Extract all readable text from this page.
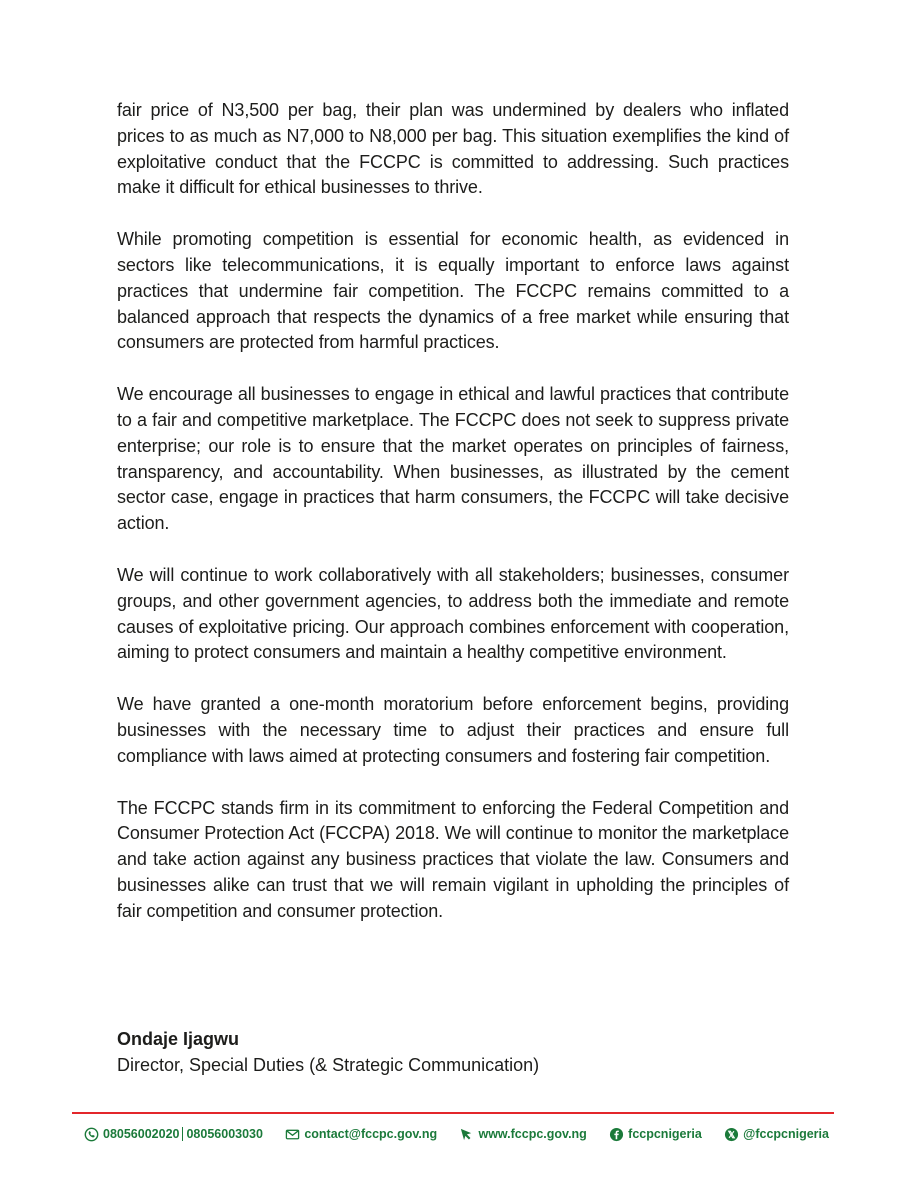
fair price of N3,500 per bag, their plan was undermined by dealers who inflated prices to as much as N7,000 to N8,000 per bag. This situation exemplifies the kind of exploitative conduct that the FCCPC is committed to addressing. Such practices make it difficult for ethical businesses to thrive.

While promoting competition is essential for economic health, as evidenced in sectors like telecommunications, it is equally important to enforce laws against practices that undermine fair competition. The FCCPC remains committed to a balanced approach that respects the dynamics of a free market while ensuring that consumers are protected from harmful practices.

We encourage all businesses to engage in ethical and lawful practices that contribute to a fair and competitive marketplace. The FCCPC does not seek to suppress private enterprise; our role is to ensure that the market operates on principles of fairness, transparency, and accountability. When businesses, as illustrated by the cement sector case, engage in practices that harm consumers, the FCCPC will take decisive action.

We will continue to work collaboratively with all stakeholders; businesses, consumer groups, and other government agencies, to address both the immediate and remote causes of exploitative pricing. Our approach combines enforcement with cooperation, aiming to protect consumers and maintain a healthy competitive environment.

We have granted a one-month moratorium before enforcement begins, providing businesses with the necessary time to adjust their practices and ensure full compliance with laws aimed at protecting consumers and fostering fair competition.

The FCCPC stands firm in its commitment to enforcing the Federal Competition and Consumer Protection Act (FCCPA) 2018. We will continue to monitor the marketplace and take action against any business practices that violate the law. Consumers and businesses alike can trust that we will remain vigilant in upholding the principles of fair competition and consumer protection.

Ondaje Ijagwu

Director, Special Duties (& Strategic Communication)

08056002020 08056003030	contact@fccpc.gov.ng	www.fccpc.gov.ng	fccpcnigeria	@fccpcnigeria
